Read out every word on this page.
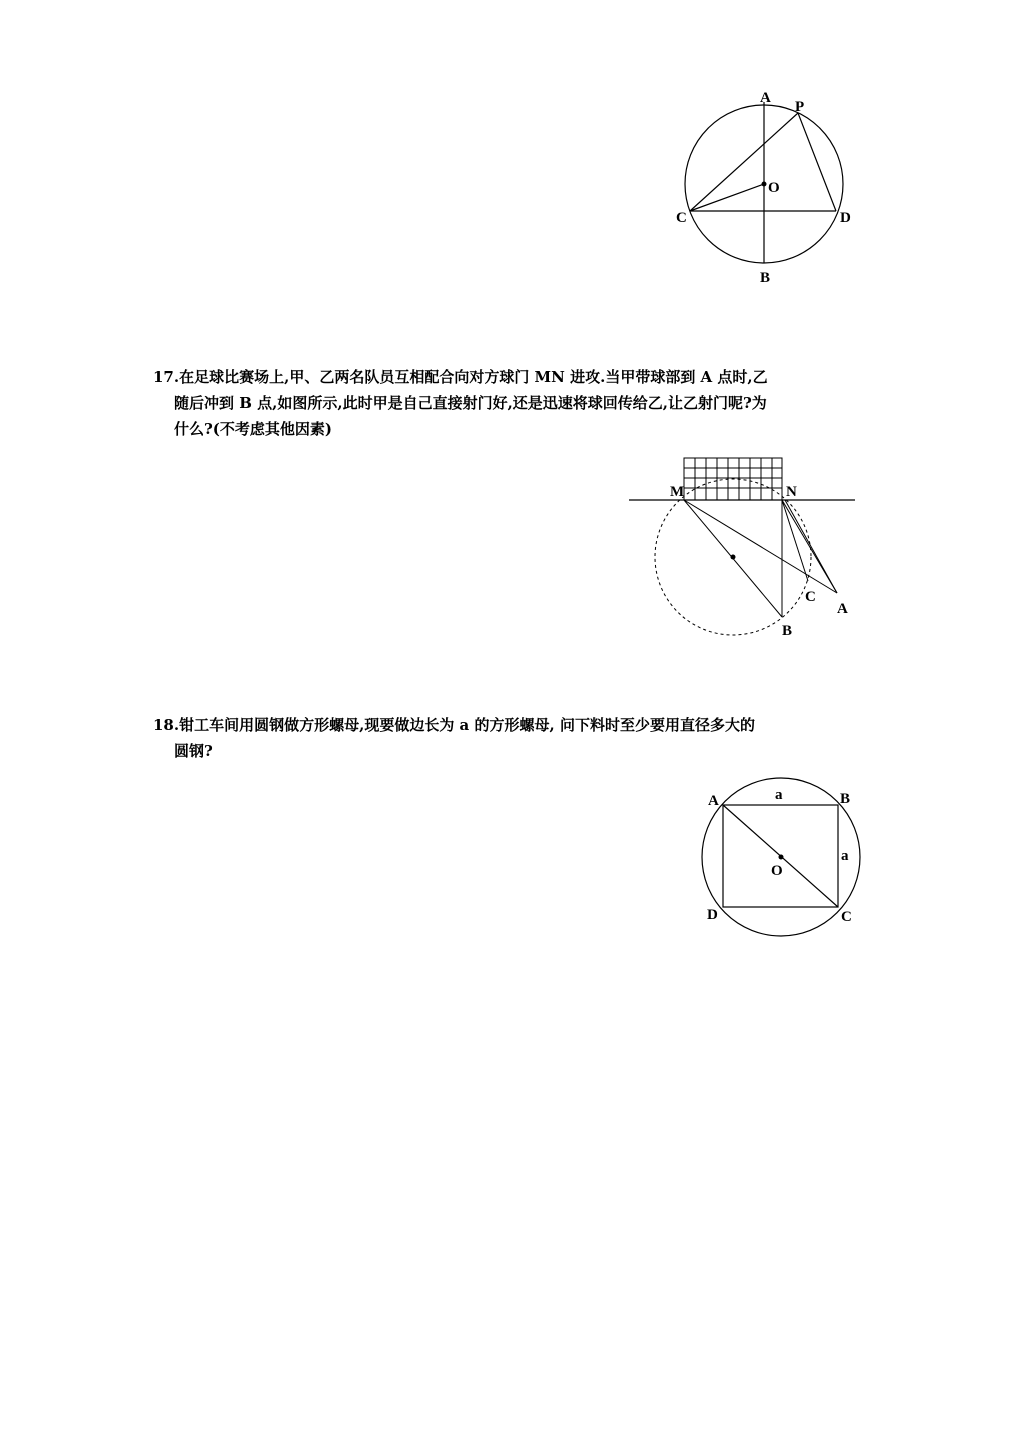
A
P
O
C	D
B
17.在足球比赛场上,甲、乙两名队员互相配合向对方球门 MN 进攻.当甲带球部到 A 点时,乙
随后冲到 B 点,如图所示,此时甲是自己直接射门好,还是迅速将球回传给乙,让乙射门呢?为
什么?(不考虑其他因素)
M	N
C
A
B
18.钳工车间用圆钢做方形螺母,现要做边长为 a 的方形螺母, 问下料时至少要用直径多大的
圆钢?
A	B
C
D
O
a
a
